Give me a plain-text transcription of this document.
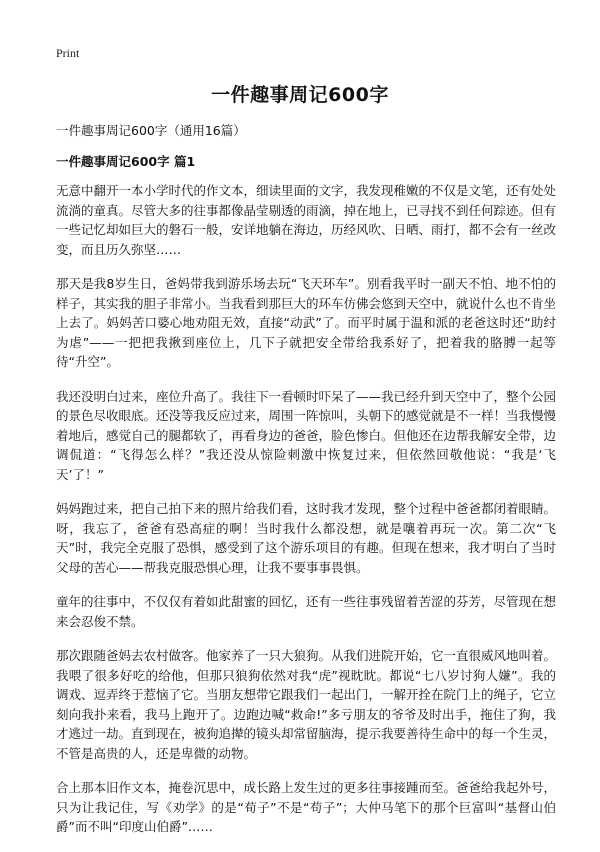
Print
一件趣事周记600字
一件趣事周记600字（通用16篇）
一件趣事周记600字 篇1

无意中翻开一本小学时代的作文本，细读里面的文字，我发现稚嫩的不仅是文笔，还有处处流淌的童真。尽管大多的往事都像晶莹剔透的雨滴，掉在地上，已寻找不到任何踪迹。但有一些记忆却如巨大的磐石一般，安详地躺在海边，历经风吹、日晒、雨打，都不会有一丝改变，而且历久弥坚……

那天是我8岁生日，爸妈带我到游乐场去玩“飞天环车”。别看我平时一副天不怕、地不怕的样子，其实我的胆子非常小。当我看到那巨大的环车仿佛会悠到天空中，就说什么也不肯坐上去了。妈妈苦口婆心地劝阻无效，直接“动武”了。而平时属于温和派的老爸这时还“助纣为虐”——一把把我揪到座位上，几下子就把安全带给我系好了，把着我的胳膊一起等待“升空”。

我还没明白过来，座位升高了。我往下一看顿时吓呆了——我已经升到天空中了，整个公园的景色尽收眼底。还没等我反应过来，周围一阵惊叫，头朝下的感觉就是不一样！当我慢慢着地后，感觉自己的腿都软了，再看身边的爸爸，脸色惨白。但他还在边帮我解安全带，边调侃道：“飞得怎么样？”我还没从惊险刺激中恢复过来，但依然回敬他说：“我是‘飞天’了！”

妈妈跑过来，把自己拍下来的照片给我们看，这时我才发现，整个过程中爸爸都闭着眼睛。呀，我忘了，爸爸有恐高症的啊！当时我什么都没想，就是嚷着再玩一次。第二次“飞天”时，我完全克服了恐惧，感受到了这个游乐项目的有趣。但现在想来，我才明白了当时父母的苦心——帮我克服恐惧心理，让我不要事事畏惧。

童年的往事中，不仅仅有着如此甜蜜的回忆，还有一些往事残留着苦涩的芬芳，尽管现在想来会忍俊不禁。

那次跟随爸妈去农村做客。他家养了一只大狼狗。从我们进院开始，它一直很威风地叫着。我喂了很多好吃的给他，但那只狼狗依然对我“虎”视眈眈。都说“七八岁讨狗人嫌”。我的调戏、逗弄终于惹恼了它。当朋友想带它跟我们一起出门，一解开拴在院门上的绳子，它立刻向我扑来看，我马上跑开了。边跑边喊“救命!”多亏朋友的爷爷及时出手，拖住了狗，我才逃过一劫。直到现在，被狗追撵的镜头却常留脑海，提示我要善待生命中的每一个生灵，不管是高贵的人，还是卑微的动物。

合上那本旧作文本，掩卷沉思中，成长路上发生过的更多往事接踵而至。爸爸给我起外号，只为让我记住，写《劝学》的是“荀子”不是“苟子”；大仲马笔下的那个巨富叫“基督山伯爵”而不叫“印度山伯爵”……
